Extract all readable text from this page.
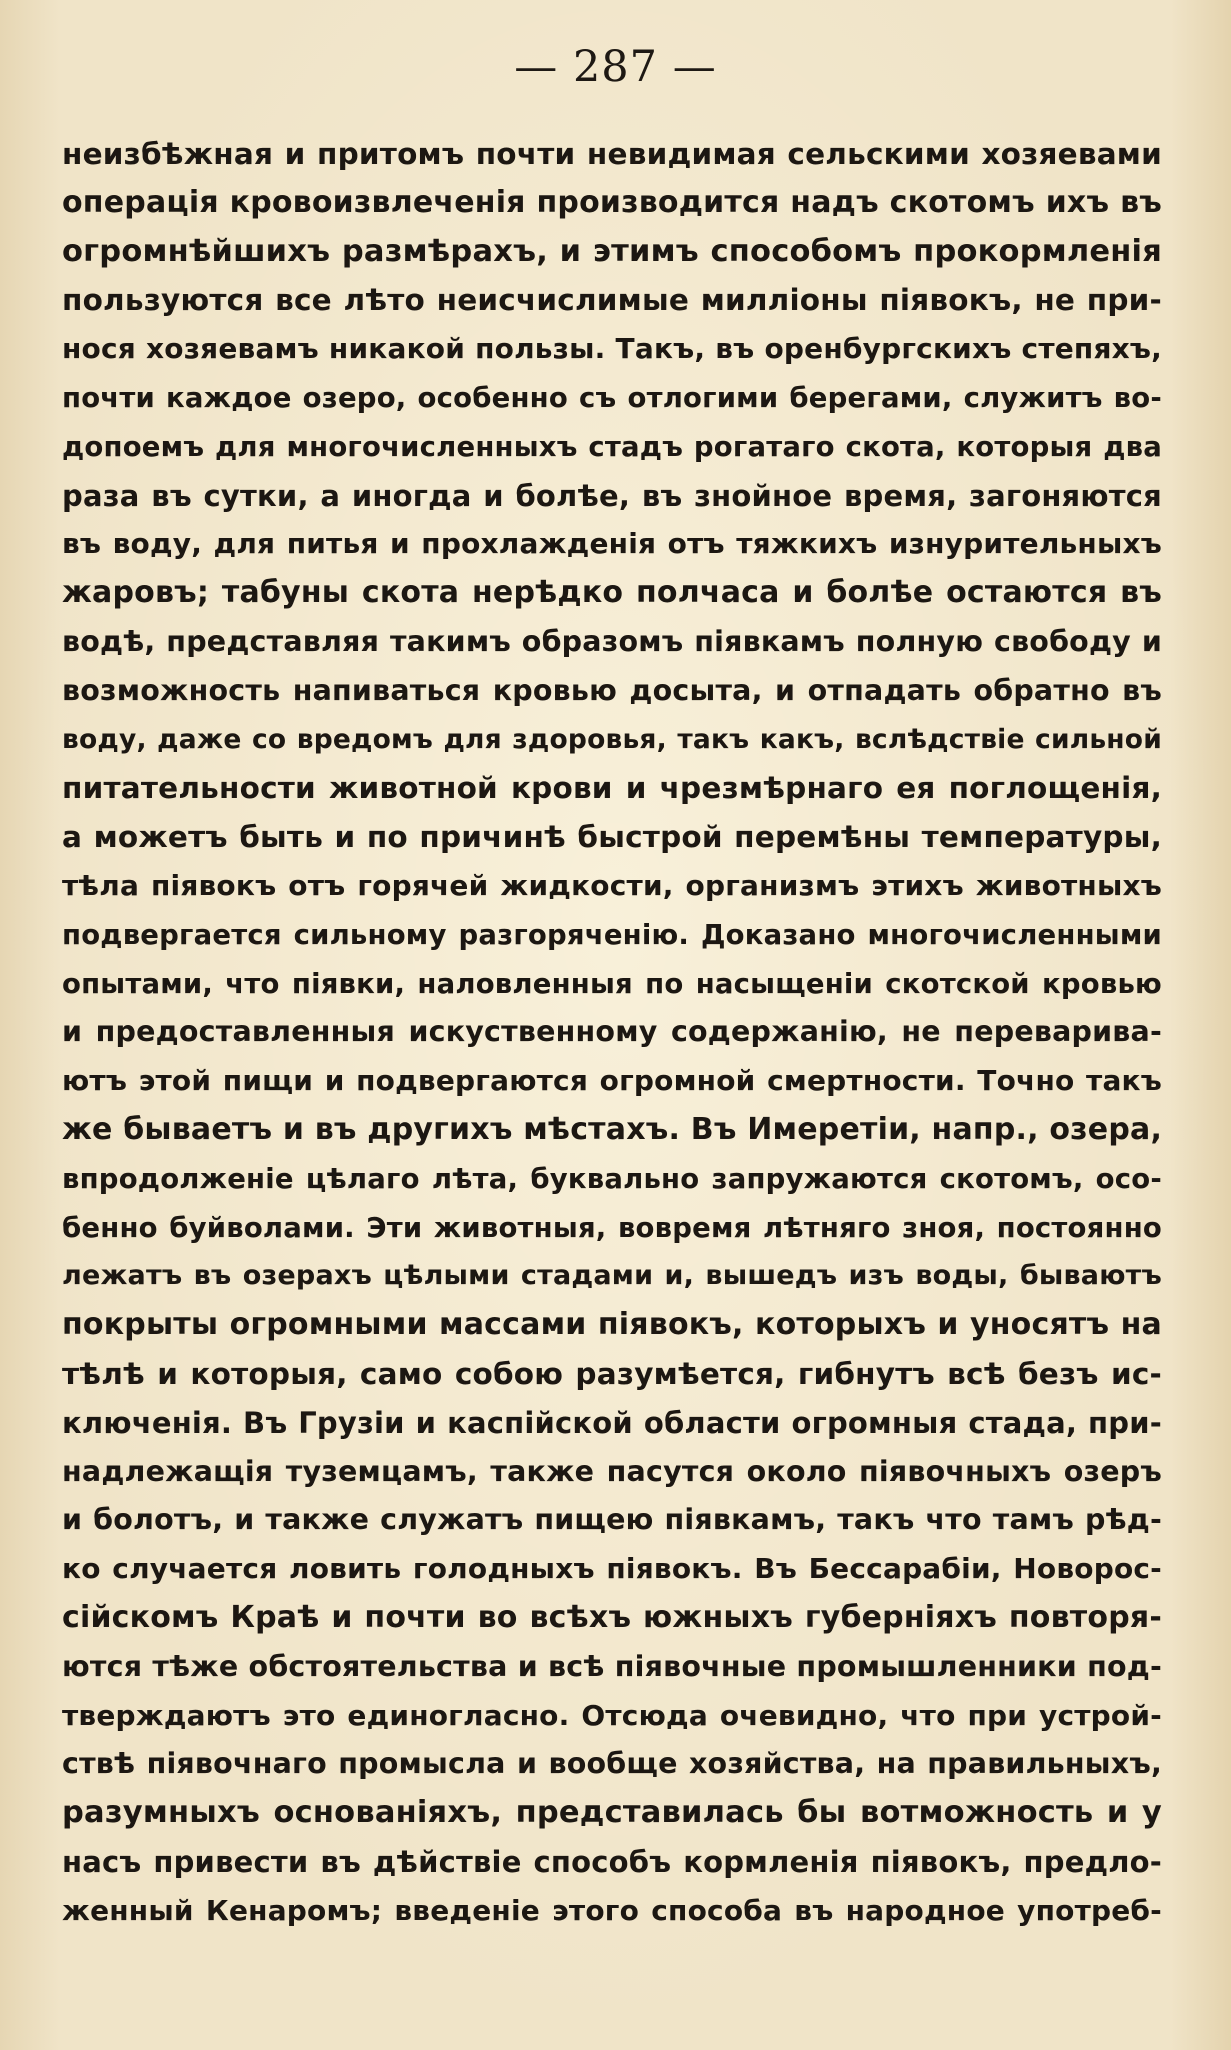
— 287 —
неизбѣжная и притомъ почти невидимая сельскими хозяевами
операція кровоизвлеченія производится надъ скотомъ ихъ въ
огромнѣйшихъ размѣрахъ, и этимъ способомъ прокормленія
пользуются все лѣто неисчислимые милліоны піявокъ, не при-
нося хозяевамъ никакой пользы. Такъ, въ оренбургскихъ степяхъ,
почти каждое озеро, особенно съ отлогими берегами, служитъ во-
допоемъ для многочисленныхъ стадъ рогатаго скота, которыя два
раза въ сутки, а иногда и болѣе, въ знойное время, загоняются
въ воду, для питья и прохлажденія отъ тяжкихъ изнурительныхъ
жаровъ; табуны скота нерѣдко полчаса и болѣе остаются въ
водѣ, представляя такимъ образомъ піявкамъ полную свободу и
возможность напиваться кровью досыта, и отпадать обратно въ
воду, даже со вредомъ для здоровья, такъ какъ, вслѣдствіе сильной
питательности животной крови и чрезмѣрнаго ея поглощенія,
а можетъ быть и по причинѣ быстрой перемѣны температуры,
тѣла піявокъ отъ горячей жидкости, организмъ этихъ животныхъ
подвергается сильному разгоряченію. Доказано многочисленными
опытами, что піявки, наловленныя по насыщеніи скотской кровью
и предоставленныя искуственному содержанію, не переварива-
ютъ этой пищи и подвергаются огромной смертности. Точно такъ
же бываетъ и въ другихъ мѣстахъ. Въ Имеретіи, напр., озера,
впродолженіе цѣлаго лѣта, буквально запружаются скотомъ, осо-
бенно буйволами. Эти животныя, вовремя лѣтняго зноя, постоянно
лежатъ въ озерахъ цѣлыми стадами и, вышедъ изъ воды, бываютъ
покрыты огромными массами піявокъ, которыхъ и уносятъ на
тѣлѣ и которыя, само собою разумѣется, гибнутъ всѣ безъ ис-
ключенія. Въ Грузіи и каспійской области огромныя стада, при-
надлежащія туземцамъ, также пасутся около піявочныхъ озеръ
и болотъ, и также служатъ пищею піявкамъ, такъ что тамъ рѣд-
ко случается ловить голодныхъ піявокъ. Въ Бессарабіи, Новорос-
сійскомъ Краѣ и почти во всѣхъ южныхъ губерніяхъ повторя-
ются тѣже обстоятельства и всѣ піявочные промышленники под-
тверждаютъ это единогласно. Отсюда очевидно, что при устрой-
ствѣ піявочнаго промысла и вообще хозяйства, на правильныхъ,
разумныхъ основаніяхъ, представилась бы вотможность и у
насъ привести въ дѣйствіе способъ кормленія піявокъ, предло-
женный Кенаромъ; введеніе этого способа въ народное употреб-
